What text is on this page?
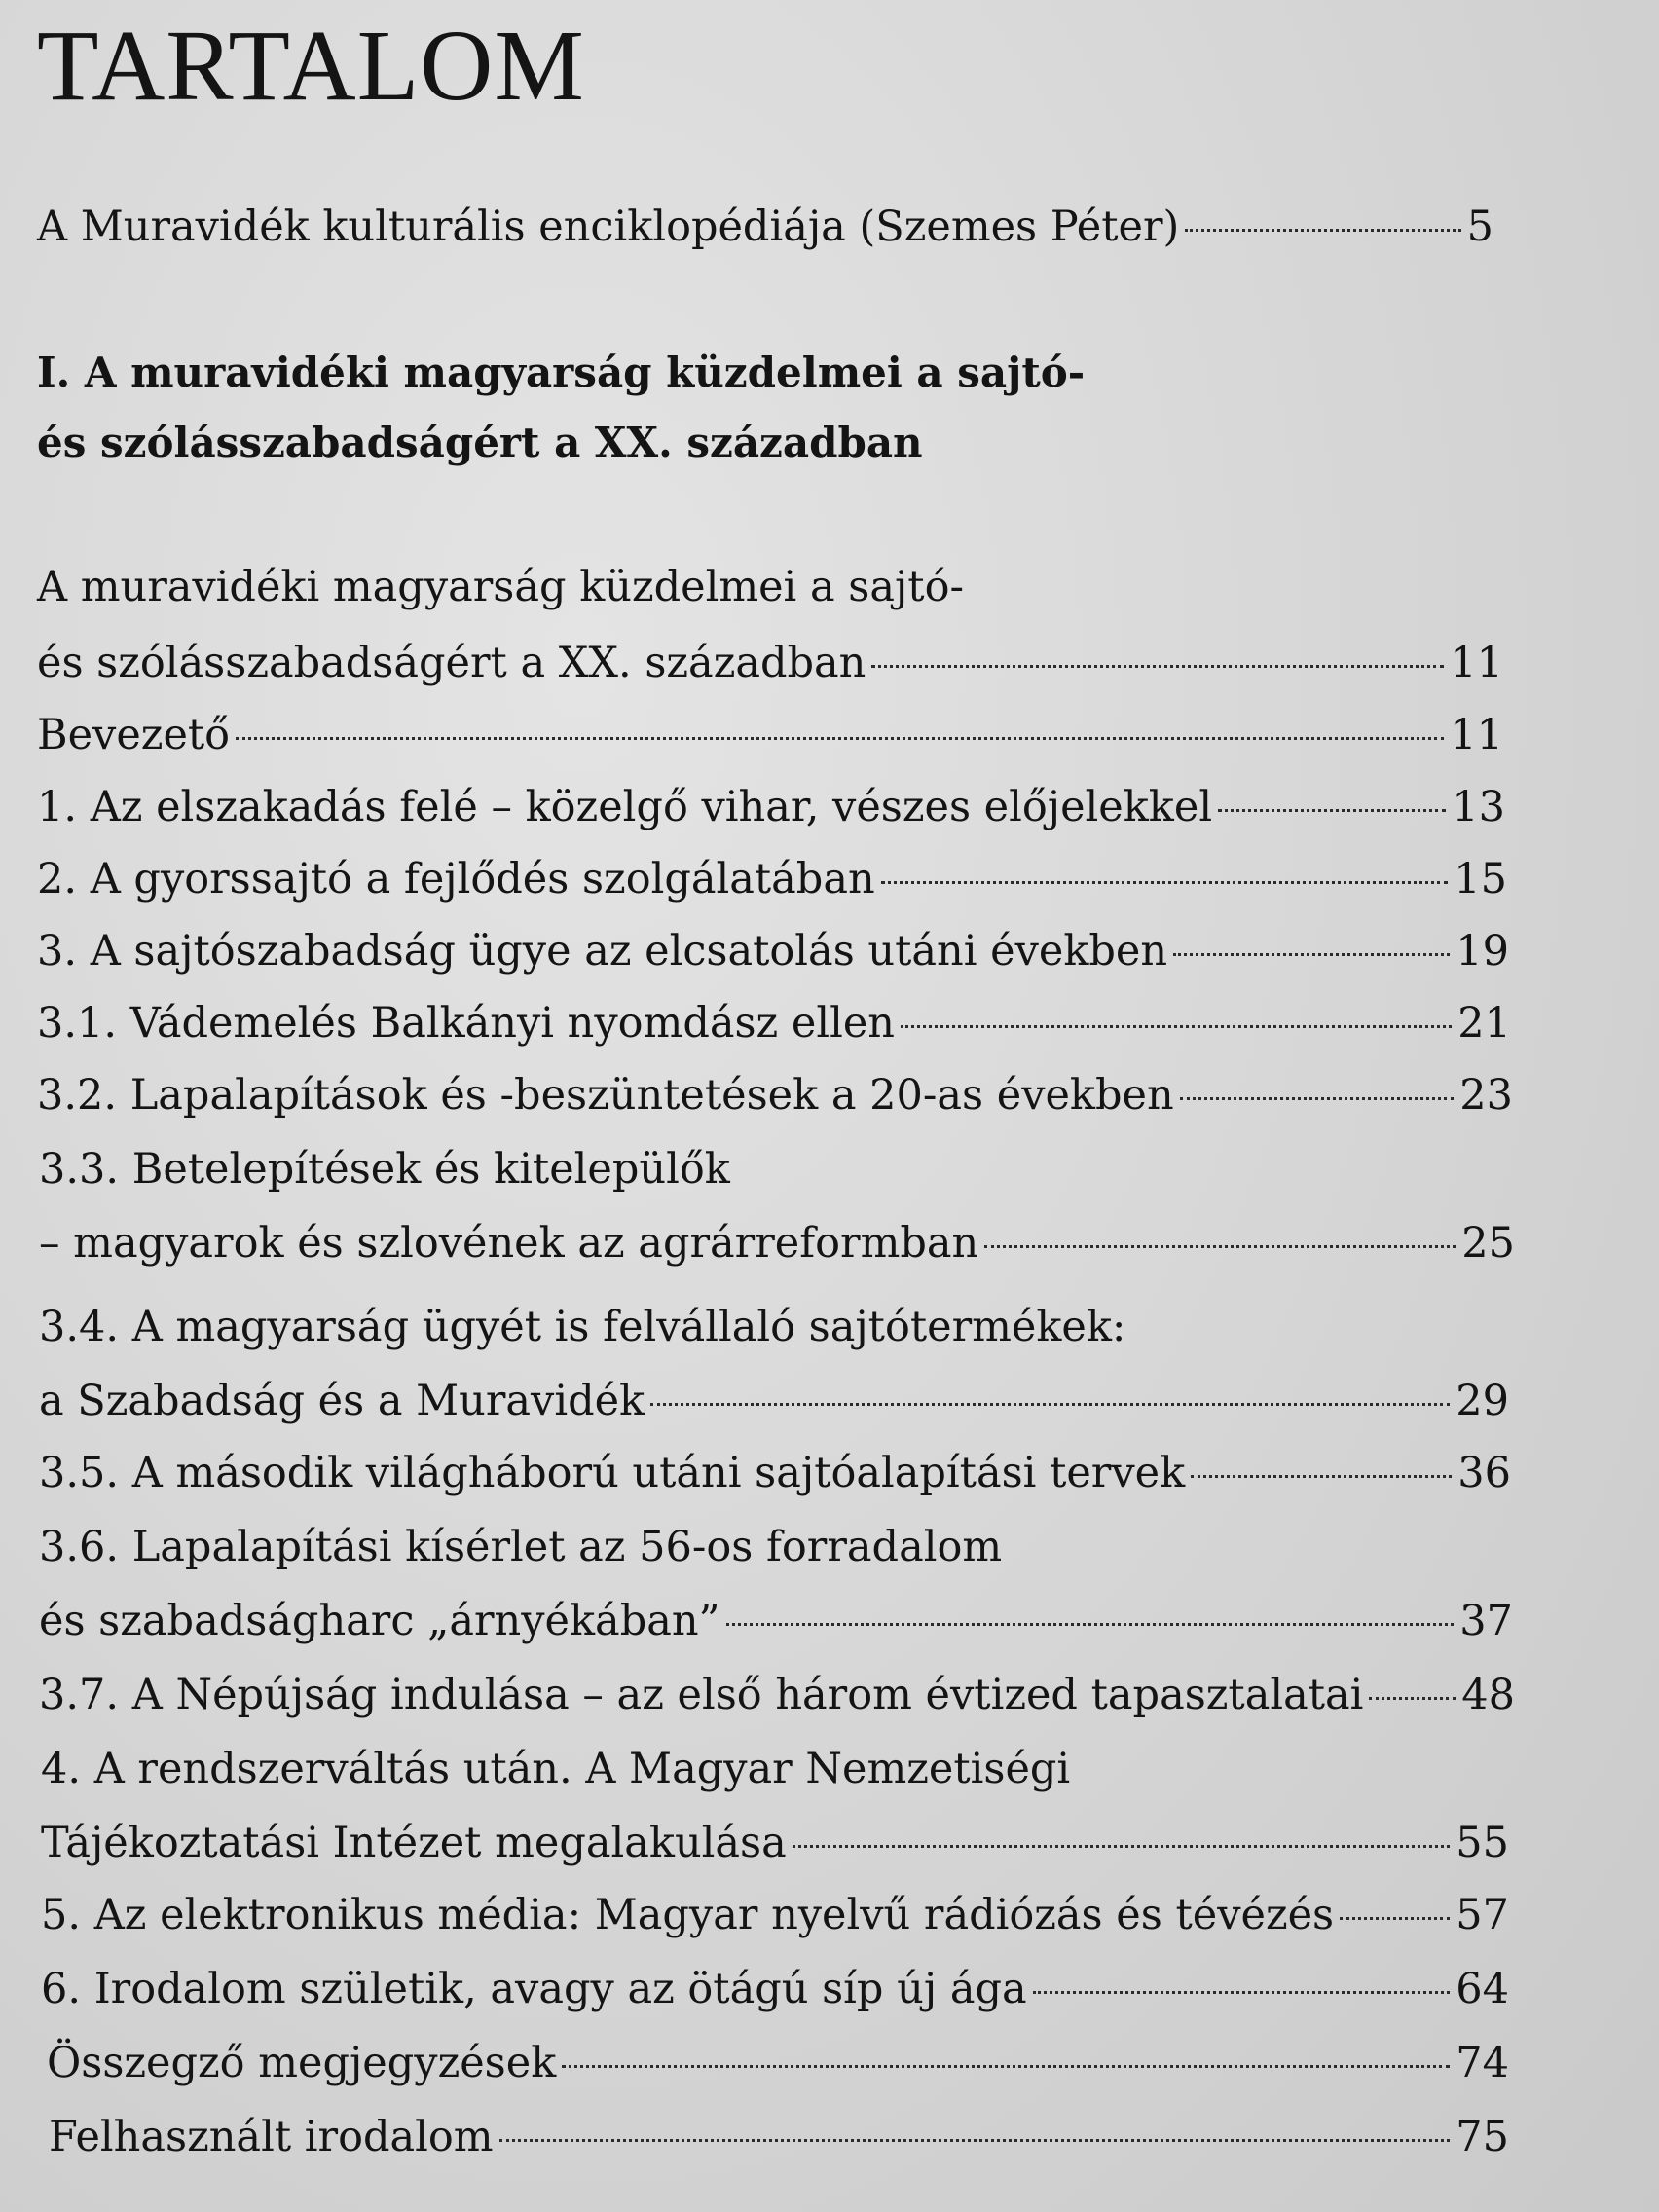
TARTALOM
A Muravidék kulturális enciklopédiája (Szemes Péter)	5
I. A muravidéki magyarság küzdelmei a sajtó-
és szólásszabadságért a XX. században
A muravidéki magyarság küzdelmei a sajtó-
és szólásszabadságért a XX. században	11
Bevezető	11
1. Az elszakadás felé – közelgő vihar, vészes előjelekkel	13
2. A gyorssajtó a fejlődés szolgálatában	15
3. A sajtószabadság ügye az elcsatolás utáni években	19
3.1. Vádemelés Balkányi nyomdász ellen	21
3.2. Lapalapítások és -beszüntetések a 20-as években	23
3.3. Betelepítések és kitelepülők
– magyarok és szlovének az agrárreformban	25
3.4. A magyarság ügyét is felvállaló sajtótermékek:
a Szabadság és a Muravidék	29
3.5. A második világháború utáni sajtóalapítási tervek	36
3.6. Lapalapítási kísérlet az 56-os forradalom
és szabadságharc „árnyékában”	37
3.7. A Népújság indulása – az első három évtized tapasztalatai 48
4. A rendszerváltás után. A Magyar Nemzetiségi
Tájékoztatási Intézet megalakulása	55
5. Az elektronikus média: Magyar nyelvű rádiózás és tévézés	57
6. Irodalom születik, avagy az ötágú síp új ága	64
Összegző megjegyzések	74
Felhasznált irodalom	75
